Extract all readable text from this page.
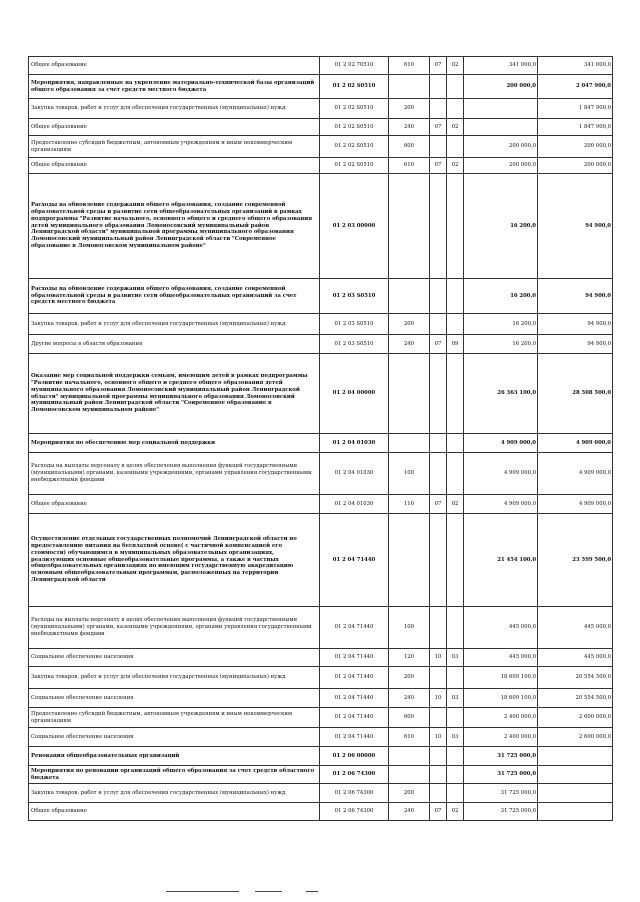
Общее образование	01 2 02 70510	610	07	02	341 000,0	341 000,0
Мероприятия, направленные на укрепление материально-технической базы организаций общего образования за счет средств местного бюджета	01 2 02 S0510				200 000,0	2 047 900,0
Закупка товаров, работ и услуг для обеспечения государственных (муниципальных) нужд	01 2 02 S0510	200				1 847 900,0
Общее образование	01 2 02 S0510	240	07	02		1 847 900,0
Предоставление субсидий бюджетным, автономным учреждениям и иным некоммерческим организациям	01 2 02 S0510	600			200 000,0	200 000,0
Общее образование	01 2 02 S0510	610	07	02	200 000,0	200 000,0
Расходы на обновление содержания общего образования, создание современной образовательной среды и развитие сети общеобразовательных организаций в рамках подпрограммы "Развитие начального, основного общего и среднего общего образования детей муниципального образования Ломоносовский муниципальный район Ленинградской области" муниципальной программы муниципального образования Ломоносовский муниципальный район Ленинградской области "Современное образование в Ломоносовском муниципальном районе"	01 2 03 00000				16 200,0	94 900,0
Расходы на обновление содержания общего образования, создание современной образовательной среды и развитие сети общеобразовательных организаций за счет средств местного бюджета	01 2 03 S0510				16 200,0	94 900,0
Закупка товаров, работ и услуг для обеспечения государственных (муниципальных) нужд	01 2 03 S0510	200			16 200,0	94 900,0
Другие вопросы в области образования	01 2 03 S0510	240	07	09	16 200,0	94 900,0
Оказание мер социальной поддержки семьям, имеющим детей в рамках подпрограммы "Развитие начального, основного общего и среднего общего образования детей муниципального образования Ломоносовский муниципальный район Ленинградской области" муниципальной программы муниципального образования Ломоносовский муниципальный район Ленинградской области "Современное образование в Ломоносовском муниципальном районе"	01 2 04 00000				26 363 100,0	28 508 500,0
Мероприятия по обеспечению мер социальной поддержки	01 2 04 01030				4 909 000,0	4 909 000,0
Расходы на выплаты персоналу в целях обеспечения выполнения функций государственными (муниципальными) органами, казенными учреждениями, органами управления государственными внебюджетными фондами	01 2 04 01030	100			4 909 000,0	4 909 000,0
Общее образование	01 2 04 01030	110	07	02	4 909 000,0	4 909 000,0
Осуществление отдельных государственных полномочий Ленинградской области по предоставлению питания на бесплатной основе( с частичной компенсацией его стоимости) обучающимся в муниципальных образовательных организациях, реализующих основные общеобразовательные программы, а также в частных общеобразовательных организациях по имеющим государственную аккредитацию основным общеобразовательным программам, расположенных на территории Ленинградской области	01 2 04 71440				21 454 100,0	23 599 500,0
Расходы на выплаты персоналу в целях обеспечения выполнения функций государственными (муниципальными) органами, казенными учреждениями, органами управления государственными внебюджетными фондами	01 2 04 71440	100			445 000,0	445 000,0
Социальное обеспечение населения	01 2 04 71440	120	10	03	445 000,0	445 000,0
Закупка товаров, работ и услуг для обеспечения государственных (муниципальных) нужд	01 2 04 71440	200			18 609 100,0	20 554 500,0
Социальное обеспечение населения	01 2 04 71440	240	10	03	18 609 100,0	20 554 500,0
Предоставление субсидий бюджетным, автономным учреждениям и иным некоммерческим организациям	01 2 04 71440	600			2 400 000,0	2 600 000,0
Социальное обеспечение населения	01 2 04 71440	610	10	03	2 400 000,0	2 600 000,0
Реновация общеобразовательных организаций	01 2 06 00000				31 725 000,0	
Мероприятия по реновации организаций общего образования за счет средств областного бюджета	01 2 06 74300				31 725 000,0	
Закупка товаров, работ и услуг для обеспечения государственных (муниципальных) нужд	01 2 06 74300	200			31 725 000,0	
Общее образование	01 2 06 74300	240	07	02	31 725 000,0	
